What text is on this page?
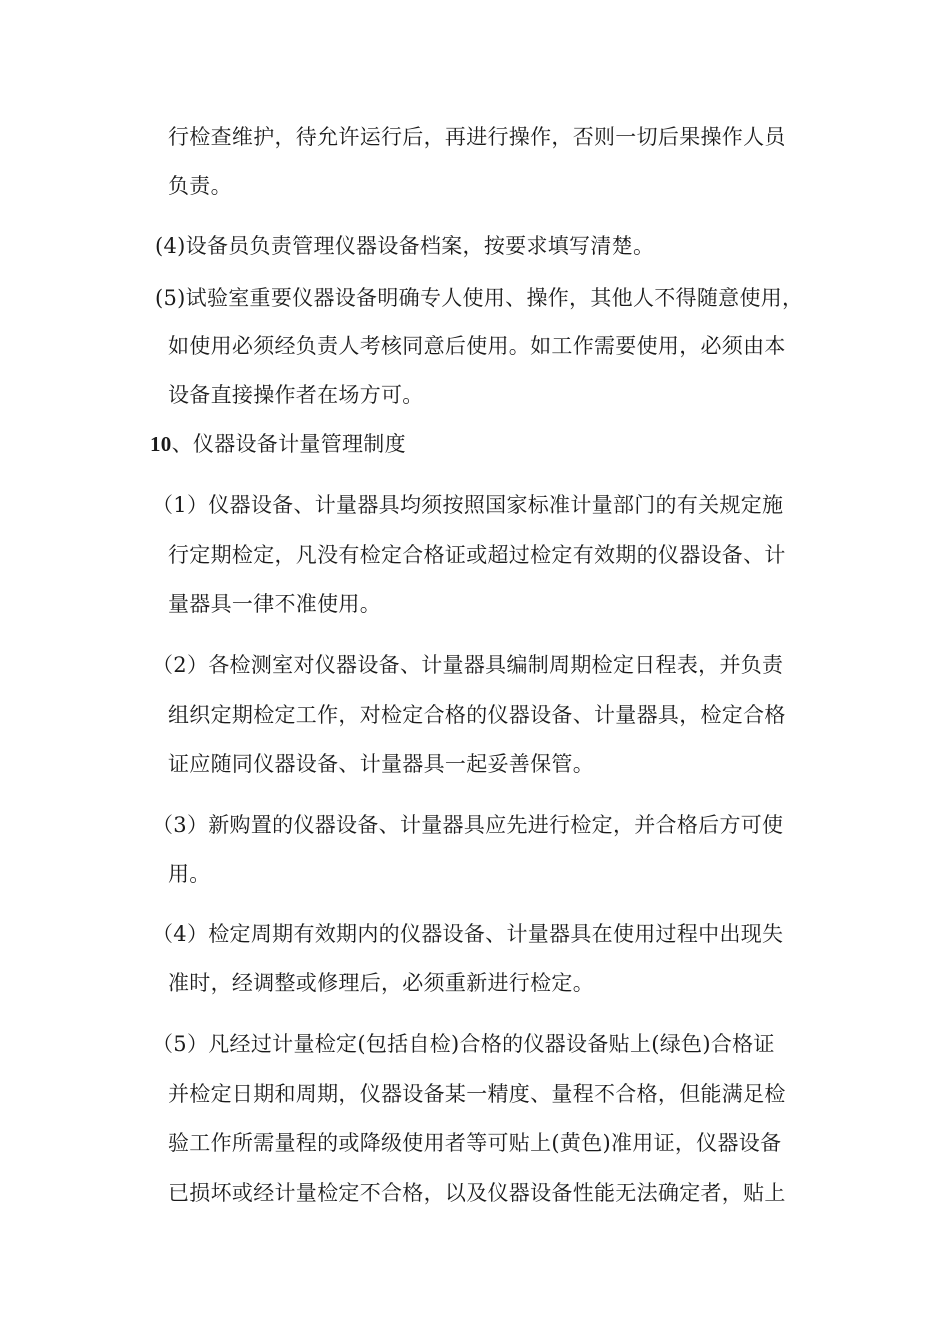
行检查维护，待允许运行后，再进行操作，否则一切后果操作人员
负责。
(4)设备员负责管理仪器设备档案，按要求填写清楚。
(5)试验室重要仪器设备明确专人使用、操作，其他人不得随意使用，
如使用必须经负责人考核同意后使用。如工作需要使用，必须由本
设备直接操作者在场方可。
10、仪器设备计量管理制度
（1）仪器设备、计量器具均须按照国家标准计量部门的有关规定施
行定期检定，凡没有检定合格证或超过检定有效期的仪器设备、计
量器具一律不准使用。
（2）各检测室对仪器设备、计量器具编制周期检定日程表，并负责
组织定期检定工作，对检定合格的仪器设备、计量器具，检定合格
证应随同仪器设备、计量器具一起妥善保管。
（3）新购置的仪器设备、计量器具应先进行检定，并合格后方可使
用。
（4）检定周期有效期内的仪器设备、计量器具在使用过程中出现失
准时，经调整或修理后，必须重新进行检定。
（5）凡经过计量检定(包括自检)合格的仪器设备贴上(绿色)合格证
并检定日期和周期，仪器设备某一精度、量程不合格，但能满足检
验工作所需量程的或降级使用者等可贴上(黄色)准用证，仪器设备
已损坏或经计量检定不合格，以及仪器设备性能无法确定者，贴上
